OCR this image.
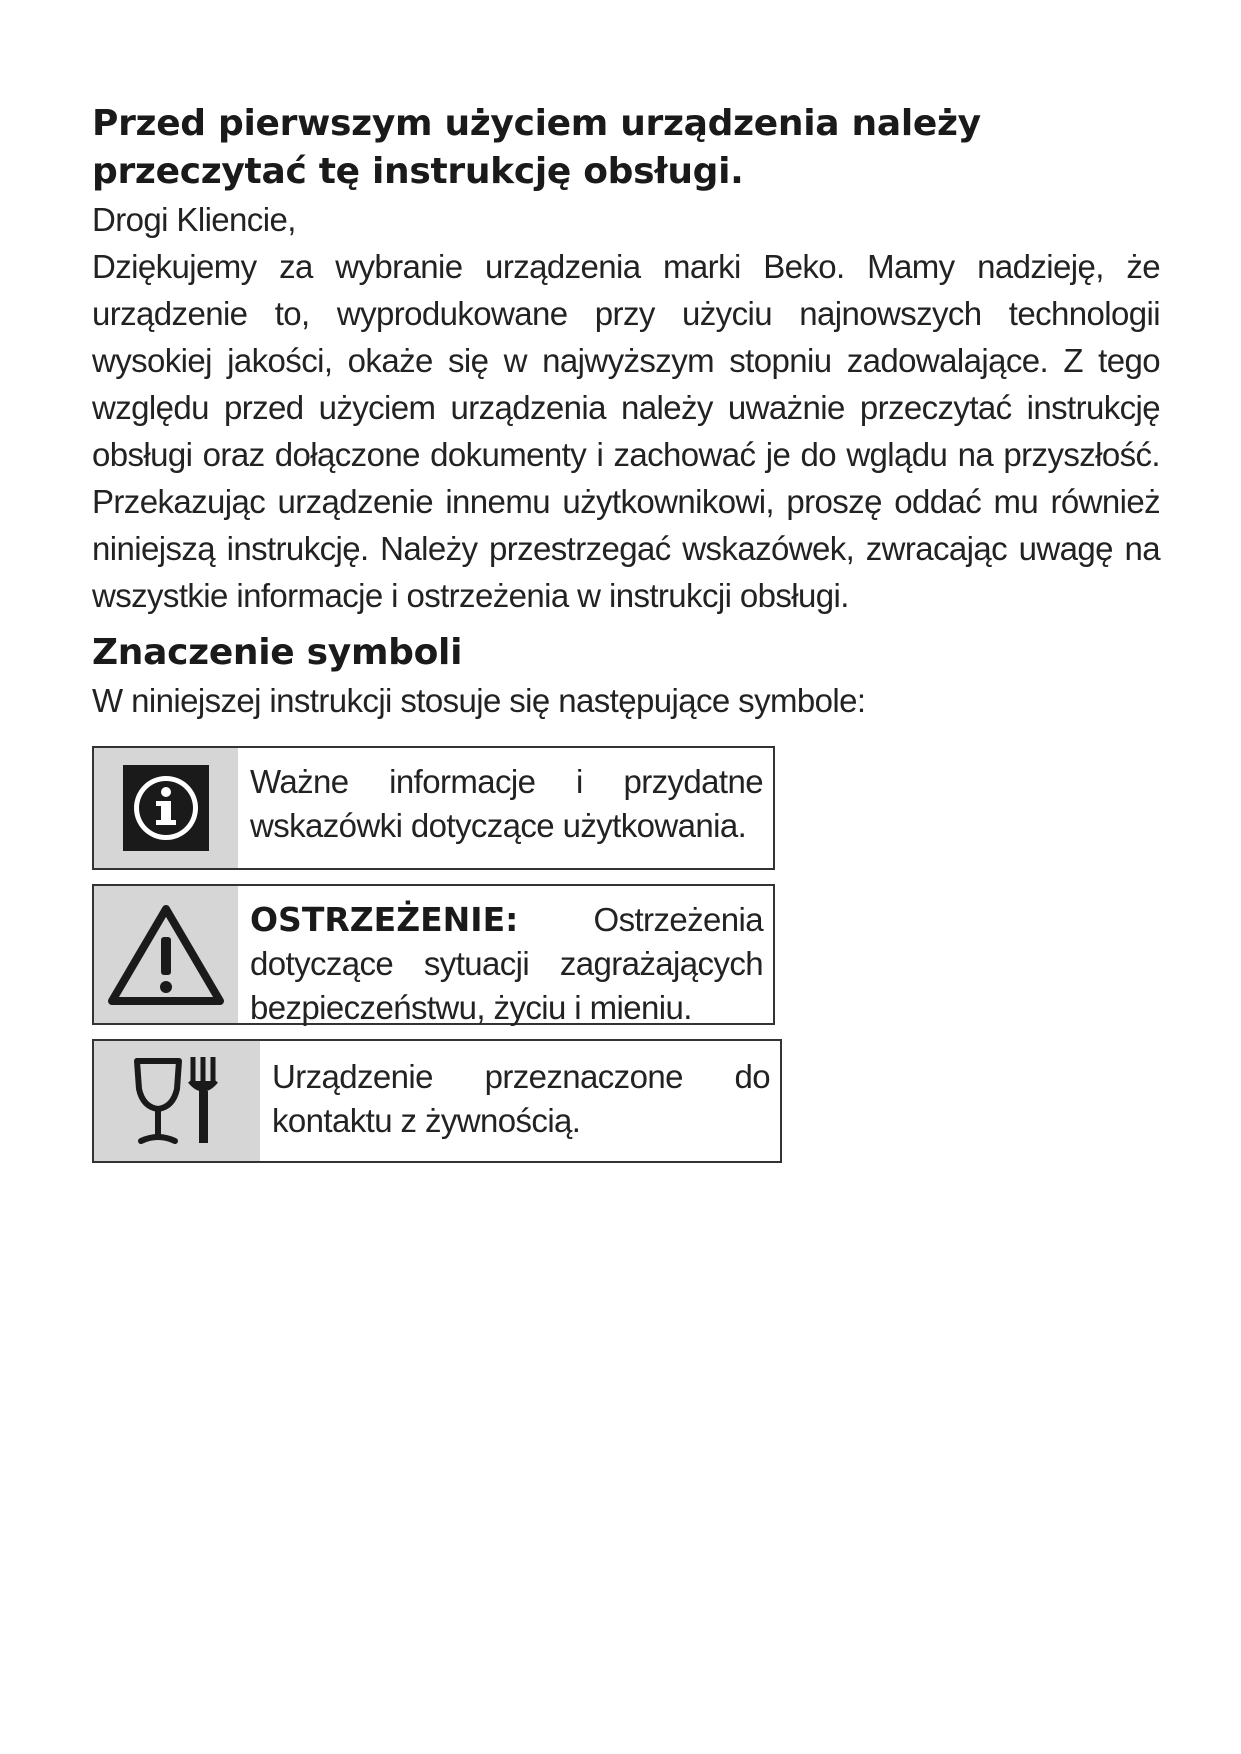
Przed pierwszym użyciem urządzenia należy przeczytać tę instrukcję obsługi.

Drogi Kliencie,

Dziękujemy za wybranie urządzenia marki Beko. Mamy nadzieję, że urządzenie to, wyprodukowane przy użyciu najnowszych technologii wysokiej jakości, okaże się w najwyższym stopniu zadowalające. Z tego względu przed użyciem urządzenia należy uważnie przeczytać instrukcję obsługi oraz dołączone dokumenty i zachować je do wglądu na przyszłość. Przekazując urządzenie innemu użytkownikowi, proszę oddać mu również niniejszą instrukcję. Należy przestrzegać wskazówek, zwracając uwagę na wszystkie informacje i ostrzeżenia w instrukcji obsługi.

Znaczenie symboli

W niniejszej instrukcji stosuje się następujące symbole:

Ważne informacje i przydatne wskazówki dotyczące użytkowania.
OSTRZEŻENIE: Ostrzeżenia dotyczące sytuacji zagrażających bezpieczeństwu, życiu i mieniu.
Urządzenie przeznaczone do kontaktu z żywnością.
